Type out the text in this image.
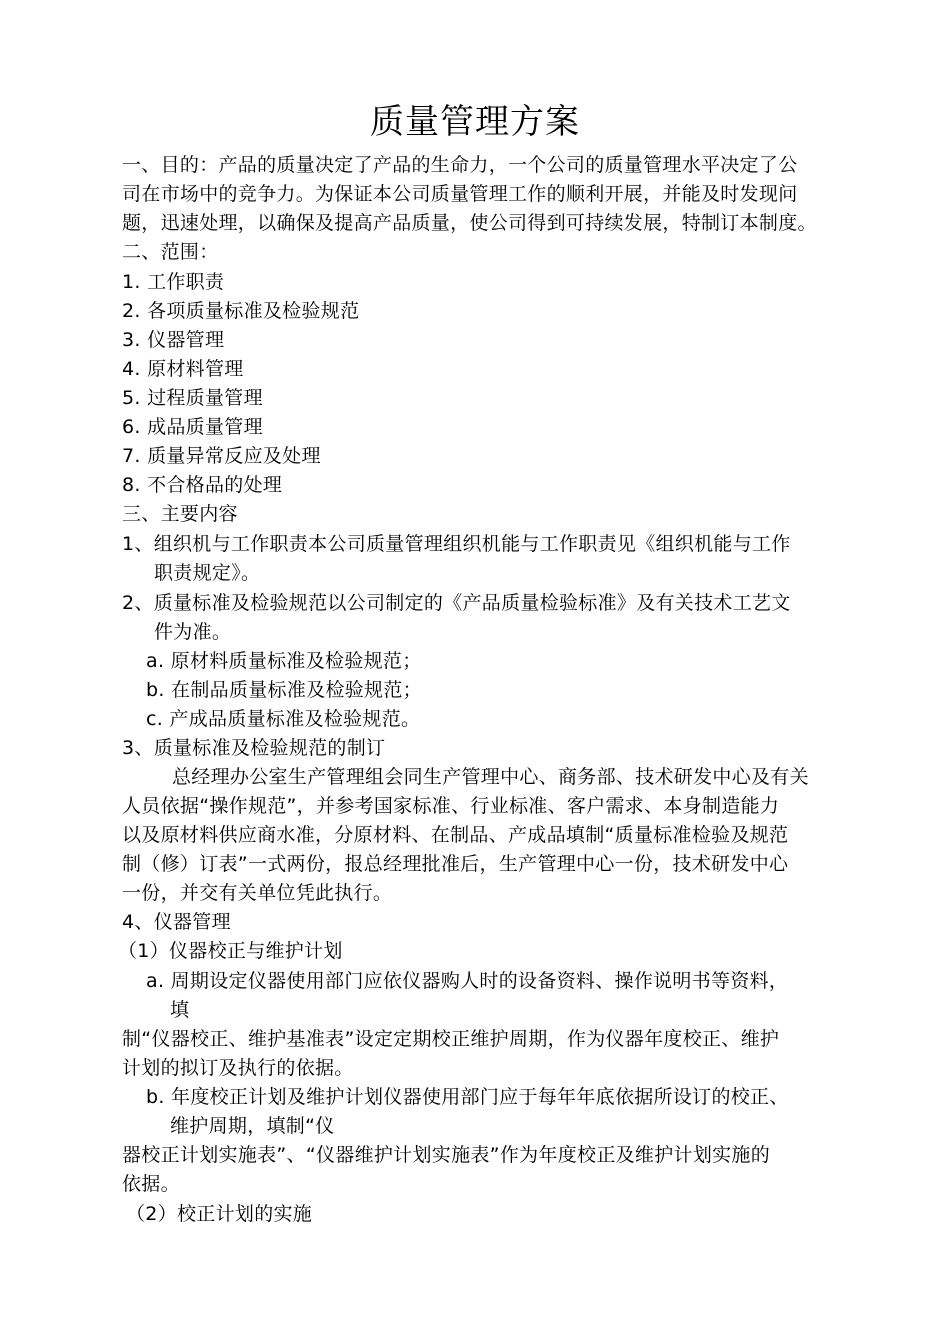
质量管理方案
一、目的：产品的质量决定了产品的生命力，一个公司的质量管理水平决定了公
司在市场中的竞争力。为保证本公司质量管理工作的顺利开展，并能及时发现问
题，迅速处理，以确保及提高产品质量，使公司得到可持续发展，特制订本制度。
二、范围：
1. 工作职责
2. 各项质量标准及检验规范
3. 仪器管理
4. 原材料管理
5. 过程质量管理
6. 成品质量管理
7. 质量异常反应及处理
8. 不合格品的处理
三、主要内容
1、组织机与工作职责本公司质量管理组织机能与工作职责见《组织机能与工作
职责规定》。
2、质量标准及检验规范以公司制定的《产品质量检验标准》及有关技术工艺文
件为准。
a. 原材料质量标准及检验规范；
b. 在制品质量标准及检验规范；
c. 产成品质量标准及检验规范。
3、质量标准及检验规范的制订
总经理办公室生产管理组会同生产管理中心、商务部、技术研发中心及有关
人员依据“操作规范”，并参考国家标准、行业标准、客户需求、本身制造能力
以及原材料供应商水准，分原材料、在制品、产成品填制“质量标准检验及规范
制（修）订表”一式两份，报总经理批准后，生产管理中心一份，技术研发中心
一份，并交有关单位凭此执行。
4、仪器管理
（1）仪器校正与维护计划
a. 周期设定仪器使用部门应依仪器购人时的设备资料、操作说明书等资料，
填
制“仪器校正、维护基准表”设定定期校正维护周期，作为仪器年度校正、维护
计划的拟订及执行的依据。
b. 年度校正计划及维护计划仪器使用部门应于每年年底依据所设订的校正、
维护周期，填制“仪
器校正计划实施表”、“仪器维护计划实施表”作为年度校正及维护计划实施的
依据。
（2）校正计划的实施
